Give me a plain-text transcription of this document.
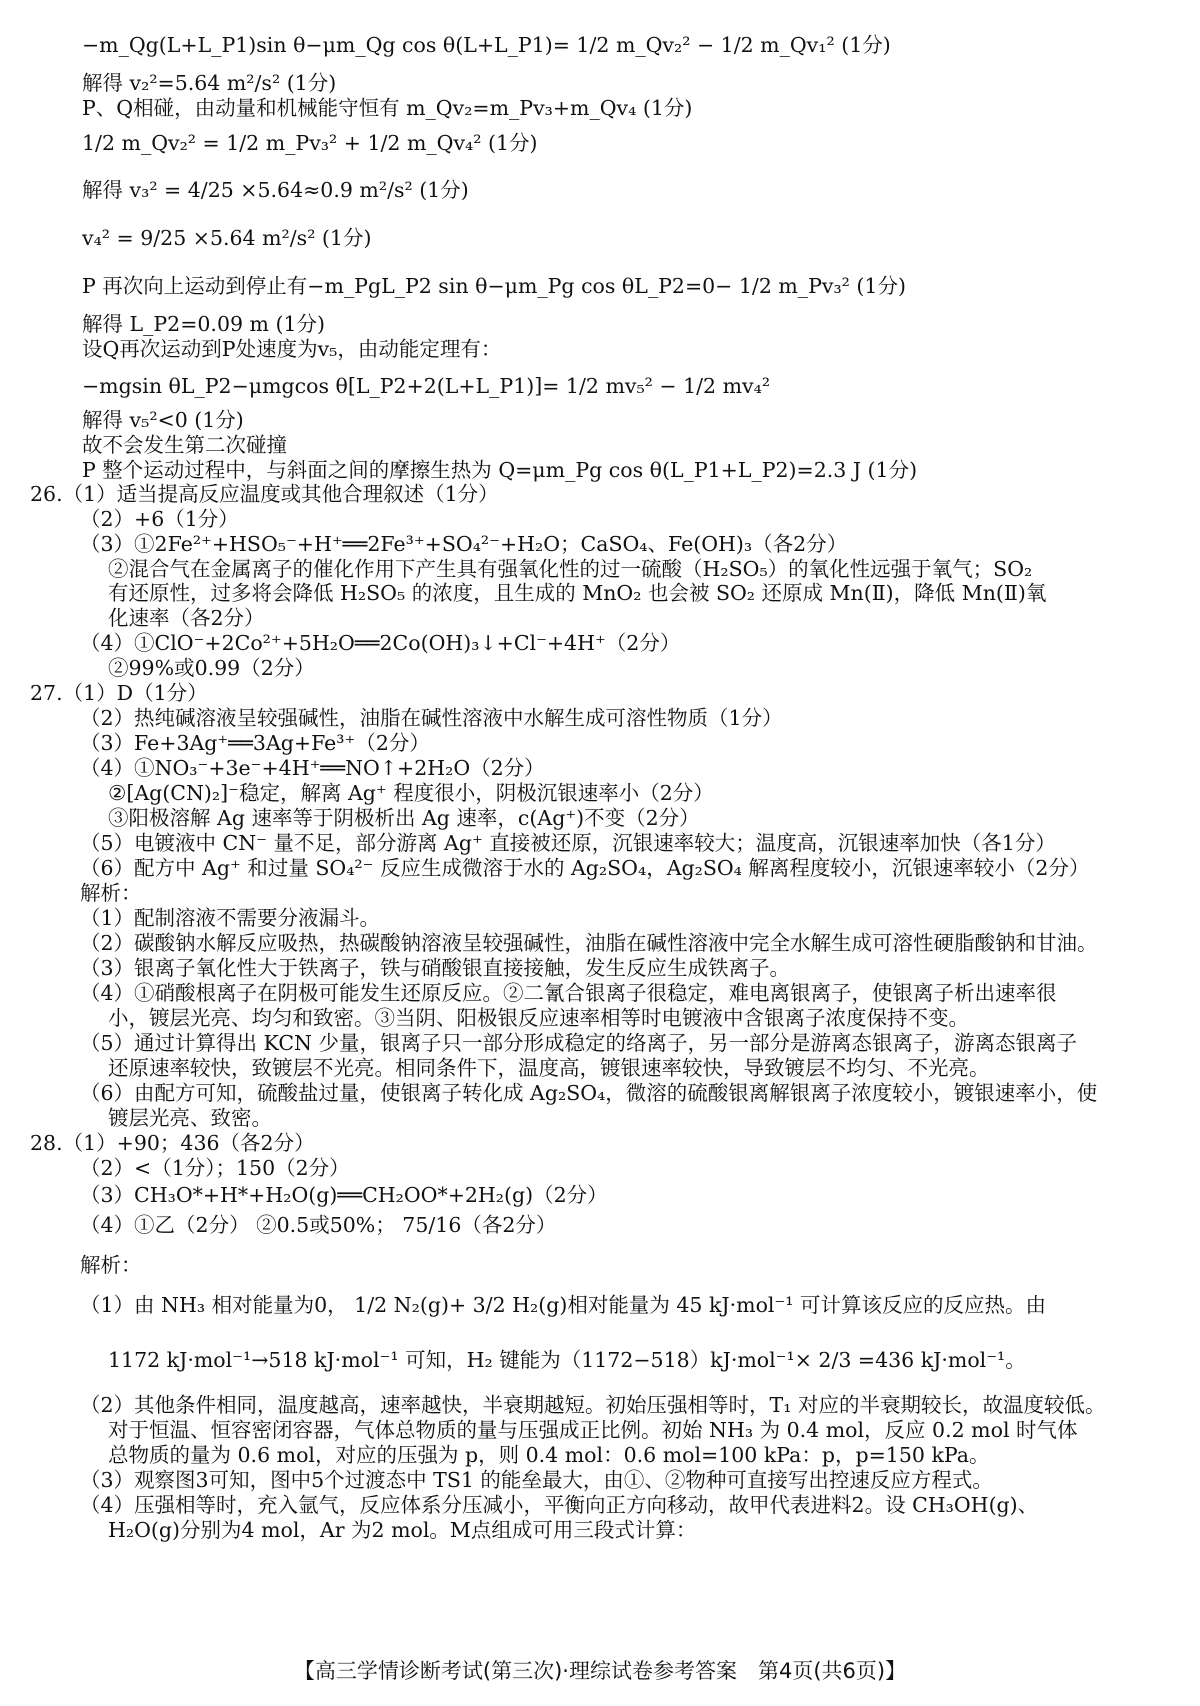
−m_Qg(L+L_P1)sin θ−μm_Qg cos θ(L+L_P1)= 1/2 m_Qv₂² − 1/2 m_Qv₁² (1分)
解得 v₂²=5.64 m²/s² (1分)
P、Q相碰，由动量和机械能守恒有 m_Qv₂=m_Pv₃+m_Qv₄ (1分)
1/2 m_Qv₂² = 1/2 m_Pv₃² + 1/2 m_Qv₄² (1分)
解得 v₃² = 4/25 ×5.64≈0.9 m²/s² (1分)
v₄² = 9/25 ×5.64 m²/s² (1分)
P 再次向上运动到停止有−m_PgL_P2 sin θ−μm_Pg cos θL_P2=0− 1/2 m_Pv₃² (1分)
解得 L_P2=0.09 m (1分)
设Q再次运动到P处速度为v₅，由动能定理有：
−mgsin θL_P2−μmgcos θ[L_P2+2(L+L_P1)]= 1/2 mv₅² − 1/2 mv₄²
解得 v₅²<0 (1分)
故不会发生第二次碰撞
P 整个运动过程中，与斜面之间的摩擦生热为 Q=μm_Pg cos θ(L_P1+L_P2)=2.3 J (1分)
26.（1）适当提高反应温度或其他合理叙述（1分）
（2）+6（1分）
（3）①2Fe²⁺+HSO₅⁻+H⁺══2Fe³⁺+SO₄²⁻+H₂O；CaSO₄、Fe(OH)₃（各2分）
②混合气在金属离子的催化作用下产生具有强氧化性的过一硫酸（H₂SO₅）的氧化性远强于氧气；SO₂
有还原性，过多将会降低 H₂SO₅ 的浓度，且生成的 MnO₂ 也会被 SO₂ 还原成 Mn(Ⅱ)，降低 Mn(Ⅱ)氧
化速率（各2分）
（4）①ClO⁻+2Co²⁺+5H₂O══2Co(OH)₃↓+Cl⁻+4H⁺（2分）
②99%或0.99（2分）
27.（1）D（1分）
（2）热纯碱溶液呈较强碱性，油脂在碱性溶液中水解生成可溶性物质（1分）
（3）Fe+3Ag⁺══3Ag+Fe³⁺（2分）
（4）①NO₃⁻+3e⁻+4H⁺══NO↑+2H₂O（2分）
②[Ag(CN)₂]⁻稳定，解离 Ag⁺ 程度很小，阴极沉银速率小（2分）
③阳极溶解 Ag 速率等于阴极析出 Ag 速率，c(Ag⁺)不变（2分）
（5）电镀液中 CN⁻ 量不足，部分游离 Ag⁺ 直接被还原，沉银速率较大；温度高，沉银速率加快（各1分）
（6）配方中 Ag⁺ 和过量 SO₄²⁻ 反应生成微溶于水的 Ag₂SO₄，Ag₂SO₄ 解离程度较小，沉银速率较小（2分）
解析：
（1）配制溶液不需要分液漏斗。
（2）碳酸钠水解反应吸热，热碳酸钠溶液呈较强碱性，油脂在碱性溶液中完全水解生成可溶性硬脂酸钠和甘油。
（3）银离子氧化性大于铁离子，铁与硝酸银直接接触，发生反应生成铁离子。
（4）①硝酸根离子在阴极可能发生还原反应。②二氰合银离子很稳定，难电离银离子，使银离子析出速率很
小，镀层光亮、均匀和致密。③当阴、阳极银反应速率相等时电镀液中含银离子浓度保持不变。
（5）通过计算得出 KCN 少量，银离子只一部分形成稳定的络离子，另一部分是游离态银离子，游离态银离子
还原速率较快，致镀层不光亮。相同条件下，温度高，镀银速率较快，导致镀层不均匀、不光亮。
（6）由配方可知，硫酸盐过量，使银离子转化成 Ag₂SO₄，微溶的硫酸银离解银离子浓度较小，镀银速率小，使
镀层光亮、致密。
28.（1）+90；436（各2分）
（2）<（1分）；150（2分）
（3）CH₃O*+H*+H₂O(g)══CH₂OO*+2H₂(g)（2分）
（4）①乙（2分） ②0.5或50%； 75/16（各2分）
解析：
（1）由 NH₃ 相对能量为0， 1/2 N₂(g)+ 3/2 H₂(g)相对能量为 45 kJ·mol⁻¹ 可计算该反应的反应热。由
1172 kJ·mol⁻¹→518 kJ·mol⁻¹ 可知，H₂ 键能为（1172−518）kJ·mol⁻¹× 2/3 =436 kJ·mol⁻¹。
（2）其他条件相同，温度越高，速率越快，半衰期越短。初始压强相等时，T₁ 对应的半衰期较长，故温度较低。
对于恒温、恒容密闭容器，气体总物质的量与压强成正比例。初始 NH₃ 为 0.4 mol，反应 0.2 mol 时气体
总物质的量为 0.6 mol，对应的压强为 p，则 0.4 mol：0.6 mol=100 kPa：p，p=150 kPa。
（3）观察图3可知，图中5个过渡态中 TS1 的能垒最大，由①、②物种可直接写出控速反应方程式。
（4）压强相等时，充入氩气，反应体系分压减小，平衡向正方向移动，故甲代表进料2。设 CH₃OH(g)、
H₂O(g)分别为4 mol，Ar 为2 mol。M点组成可用三段式计算：
【高三学情诊断考试(第三次)·理综试卷参考答案　第4页(共6页)】
